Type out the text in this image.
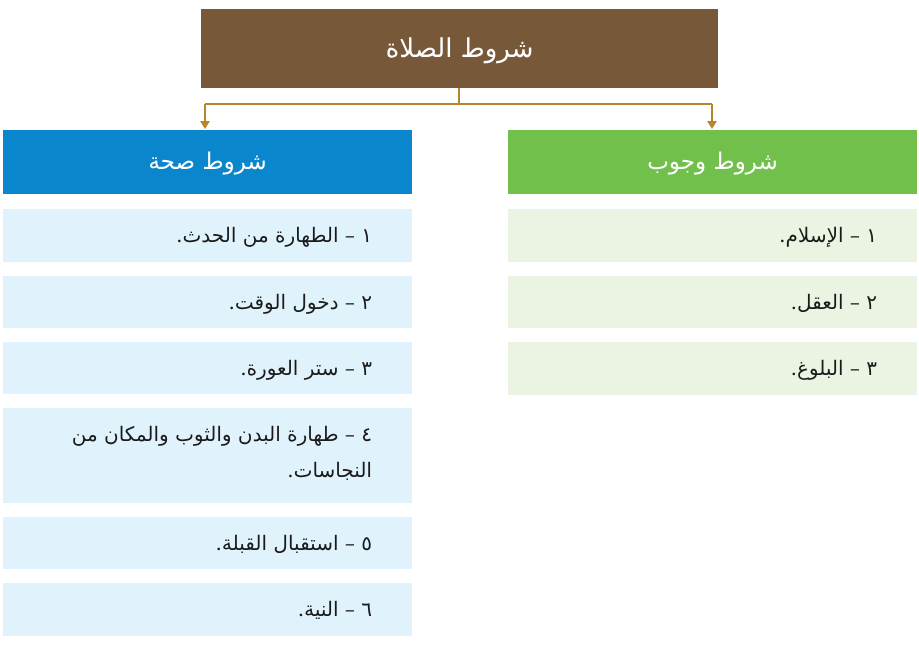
شروط الصلاة
شروط صحة	شروط وجوب
١ – الطهارة من الحدث.
٢ – دخول الوقت.
٣ – ستر العورة.
٤ – طهارة البدن والثوب والمكان من النجاسات.
٥ – استقبال القبلة.
٦ – النية.
١ – الإسلام.
٢ – العقل.
٣ – البلوغ.
